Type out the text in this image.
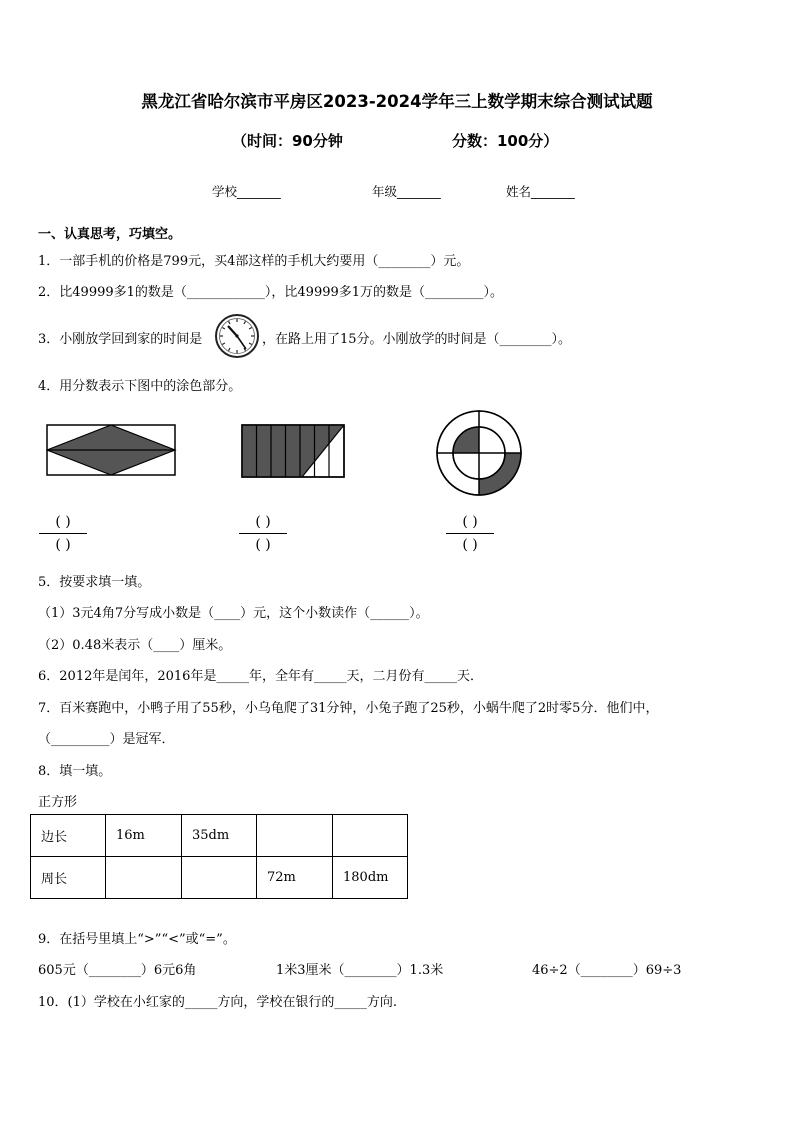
黑龙江省哈尔滨市平房区2023-2024学年三上数学期末综合测试试题
（时间：90分钟	分数：100分）
学校_______	年级_______	姓名_______
一、认真思考，巧填空。
1．一部手机的价格是799元，买4部这样的手机大约要用（________）元。
2．比49999多1的数是（____________），比49999多1万的数是（_________）。
3．小刚放学回到家的时间是	，在路上用了15分。小刚放学的时间是（________）。
4．用分数表示下图中的涂色部分。
( )
( )
( )
( )
( )
( )
5．按要求填一填。
（1）3元4角7分写成小数是（____）元，这个小数读作（______）。
（2）0.48米表示（____）厘米。
6．2012年是闰年，2016年是_____年，全年有_____天，二月份有_____天．
7．百米赛跑中，小鸭子用了55秒，小乌龟爬了31分钟，小兔子跑了25秒，小蜗牛爬了2时零5分．他们中，
（_________）是冠军．
8．填一填。
正方形
边长	16m	35dm		
周长			72m	180dm
9．在括号里填上“>”“<”或“=”。
605元（________）6元6角	1米3厘米（________）1.3米	46÷2（________）69÷3
10．(1）学校在小红家的_____方向，学校在银行的_____方向.
